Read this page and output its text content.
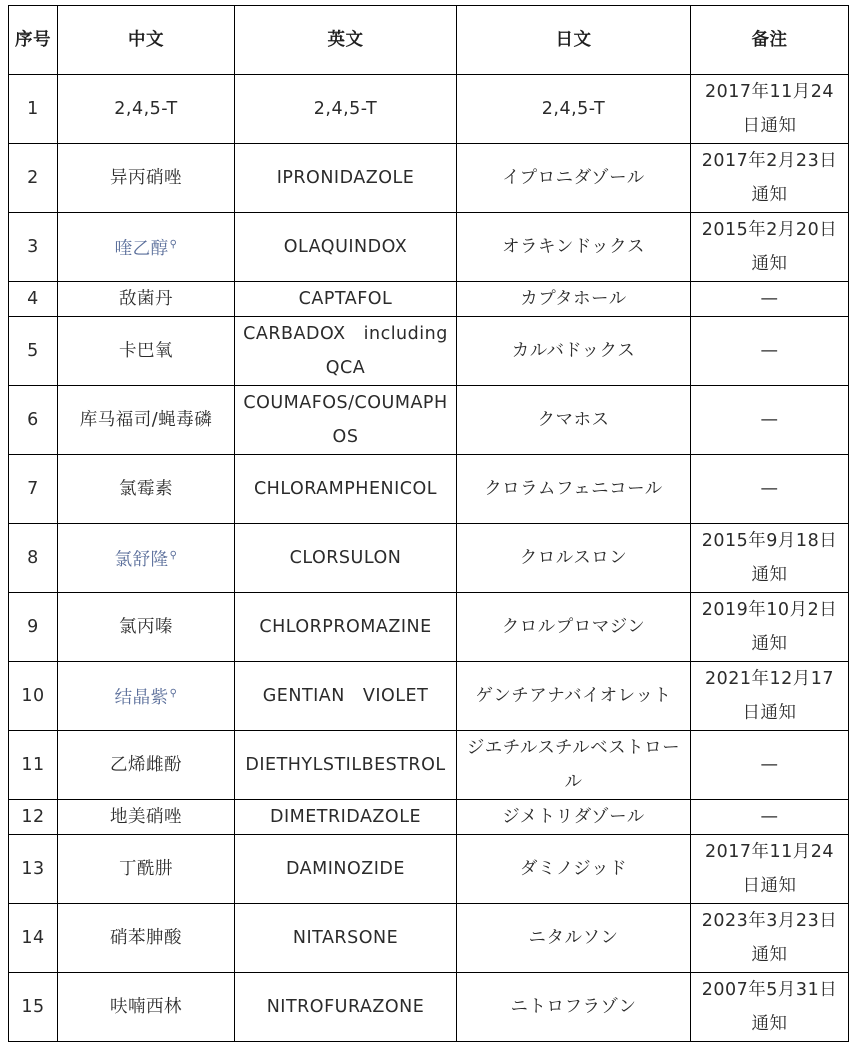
序号	中文	英文	日文	备注
1	2,4,5-T	2,4,5-T	2,4,5-T	2017年11月24日通知
2	异丙硝唑	IPRONIDAZOLE	イプロニダゾール	2017年2月23日通知
3	喹乙醇⚲	OLAQUINDOX	オラキンドックス	2015年2月20日通知
4	敌菌丹	CAPTAFOL	カプタホール	—
5	卡巴氧	CARBADOX　including QCA	カルバドックス	—
6	库马福司/蝇毒磷	COUMAFOS/COUMAPHOS	クマホス	—
7	氯霉素	CHLORAMPHENICOL	クロラムフェニコール	—
8	氯舒隆⚲	CLORSULON	クロルスロン	2015年9月18日通知
9	氯丙嗪	CHLORPROMAZINE	クロルプロマジン	2019年10月2日通知
10	结晶紫⚲	GENTIAN　VIOLET	ゲンチアナバイオレット	2021年12月17日通知
11	乙烯雌酚	DIETHYLSTILBESTROL	ジエチルスチルベストロール	—
12	地美硝唑	DIMETRIDAZOLE	ジメトリダゾール	—
13	丁酰肼	DAMINOZIDE	ダミノジッド	2017年11月24日通知
14	硝苯胂酸	NITARSONE	ニタルソン	2023年3月23日通知
15	呋喃西林	NITROFURAZONE	ニトロフラゾン	2007年5月31日通知
